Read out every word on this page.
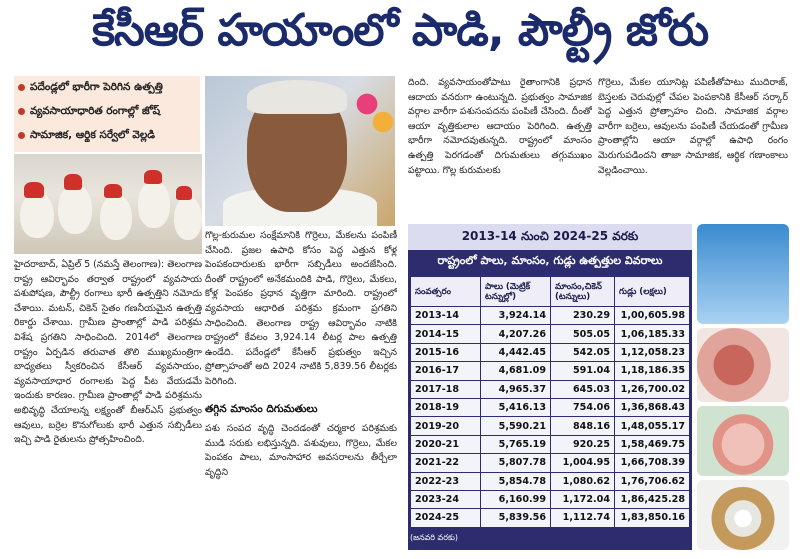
కేసీఆర్ హయాంలో పాడి, పౌల్ట్రీ జోరు
పదేండ్లలో భారీగా పెరిగిన ఉత్పత్తి
వ్యవసాయాధారిత రంగాల్లో జోష్
సామాజిక, ఆర్థిక సర్వేలో వెల్లడి

హైదరాబాద్, ఏప్రిల్ 5 (నమస్తే తెలంగాణ): తెలంగాణ రాష్ట్ర ఆవిర్భావం తర్వాత రాష్ట్రంలో వ్యవసాయ పశుపోషణ, పౌల్ట్రీ రంగాలు భారీ ఉత్పత్తిని నమోదు చేశాయి. మటన్, చికెన్ సైతం గణనీయమైన ఉత్పత్తి రికార్డు చేశాయి. గ్రామీణ ప్రాంతాల్లో పాడి పరిశ్రమ విశేష ప్రగతిని సాధించింది. 2014లో తెలంగాణ రాష్ట్రం ఏర్పడిన తరువాత తొలి ముఖ్యమంత్రిగా బాధ్యతలు స్వీకరించిన కేసీఆర్ వ్యవసాయం, వ్యవసాయాధార రంగాలకు పెద్ద పీట వేయడమే ఇందుకు కారణం. గ్రామీణ ప్రాంతాల్లో పాడి పరిశ్రమను అభివృద్ధి చేయాలన్న లక్ష్యంతో బీఆర్ఎస్ ప్రభుత్వం ఆవులు, బర్రెల కొనుగోలుకు భారీ ఎత్తున సబ్సిడీలు ఇచ్చి పాడి రైతులను ప్రోత్సహించింది.

గొల్ల-కురుమల సంక్షేమానికి గొర్రెలు, మేకలను పంపిణీ చేసింది. ప్రజల ఉపాధి కోసం పెద్ద ఎత్తున కోళ్ల పెంపకందారులకు భారీగా సబ్సిడీలు అందజేసింది. దీంతో రాష్ట్రంలో అనేకమందికి పాడి, గొర్రెలు, మేకలు, కోళ్ల పెంపకం ప్రధాన వృత్తిగా మారింది. రాష్ట్రంలో వ్యవసాయ ఆధారిత పరిశ్రమ క్రమంగా ప్రగతిని సాధించింది. తెలంగాణ రాష్ట్ర ఆవిర్భావం నాటికి రాష్ట్రంలో కేవలం 3,924.14 లీటర్ల పాల ఉత్పత్తి ఉండేది. పదేండ్లలో కేసీఆర్ ప్రభుత్వం ఇచ్చిన ప్రోత్సాహంతో అది 2024 నాటికి 5,839.56 లీటర్లకు పెరిగింది.

తగ్గిన మాంసం దిగుమతులు

పశు సంపద వృద్ధి చెందడంతో చర్మకార పరిశ్రమకు ముడి సరుకు లభిస్తున్నది. పశువులు, గొర్రెలు, మేకల పెంపకం పాలు, మాంసాహార అవసరాలను తీర్చేలా వృద్ధిని

దింది. వ్యవసాయంతోపాటు రైతాంగానికి ప్రధాన ఆదాయ వనరుగా ఉంటున్నది. ప్రభుత్వం సామాజిక వర్గాల వారీగా పశుసంపదను పంపిణీ చేసింది. దీంతో ఆయా వృత్తికులాల ఆదాయం పెరిగింది. ఉత్పత్తి భారీగా నమోదవుతున్నది. రాష్ట్రంలో మాంసం ఉత్పత్తి పెరగడంతో దిగుమతులు తగ్గుముఖం పట్టాయి. గొల్ల కురుమలకు

గొర్రెలు, మేకల యూనిట్ల పపిణీతోపాటు ముదిరాజ్, బెస్తలకు చెరువుల్లో చేపల పెంపకానికి కేసీఆర్ సర్కార్ పెద్ద ఎత్తున ప్రోత్సాహం చింది. సామాజిక వర్గాల వారీగా బర్రెలు, ఆవులను పంపిణీ చేయడంతో గ్రామీణ ప్రాంతాల్లోని ఆయా వర్గాల్లో ఉపాధి రంగం మెరుగుపడిందని తాజా సామాజిక, ఆర్థిక గణాంకాలు వెల్లడించాయి.

2013-14 నుంచి 2024-25 వరకు
రాష్ట్రంలో పాలు, మాంసం, గుడ్లు ఉత్పత్తుల వివరాలు
సంవత్సరం	పాలు (మెట్రిక్ టన్నుల్లో)	మాంసం,చికెన్ (టన్నులు)	గుడ్లు (లక్షలు)
2013-14	3,924.14	230.29	1,00,605.98
2014-15	4,207.26	505.05	1,06,185.33
2015-16	4,442.45	542.05	1,12,058.23
2016-17	4,681.09	591.04	1,18,186.35
2017-18	4,965.37	645.03	1,26,700.02
2018-19	5,416.13	754.06	1,36,868.43
2019-20	5,590.21	848.16	1,48,055.17
2020-21	5,765.19	920.25	1,58,469.75
2021-22	5,807.78	1,004.95	1,66,708.39
2022-23	5,854.78	1,080.62	1,76,706.62
2023-24	6,160.99	1,172.04	1,86,425.28
2024-25	5,839.56	1,112.74	1,83,850.16
(జనవరి వరకు)
